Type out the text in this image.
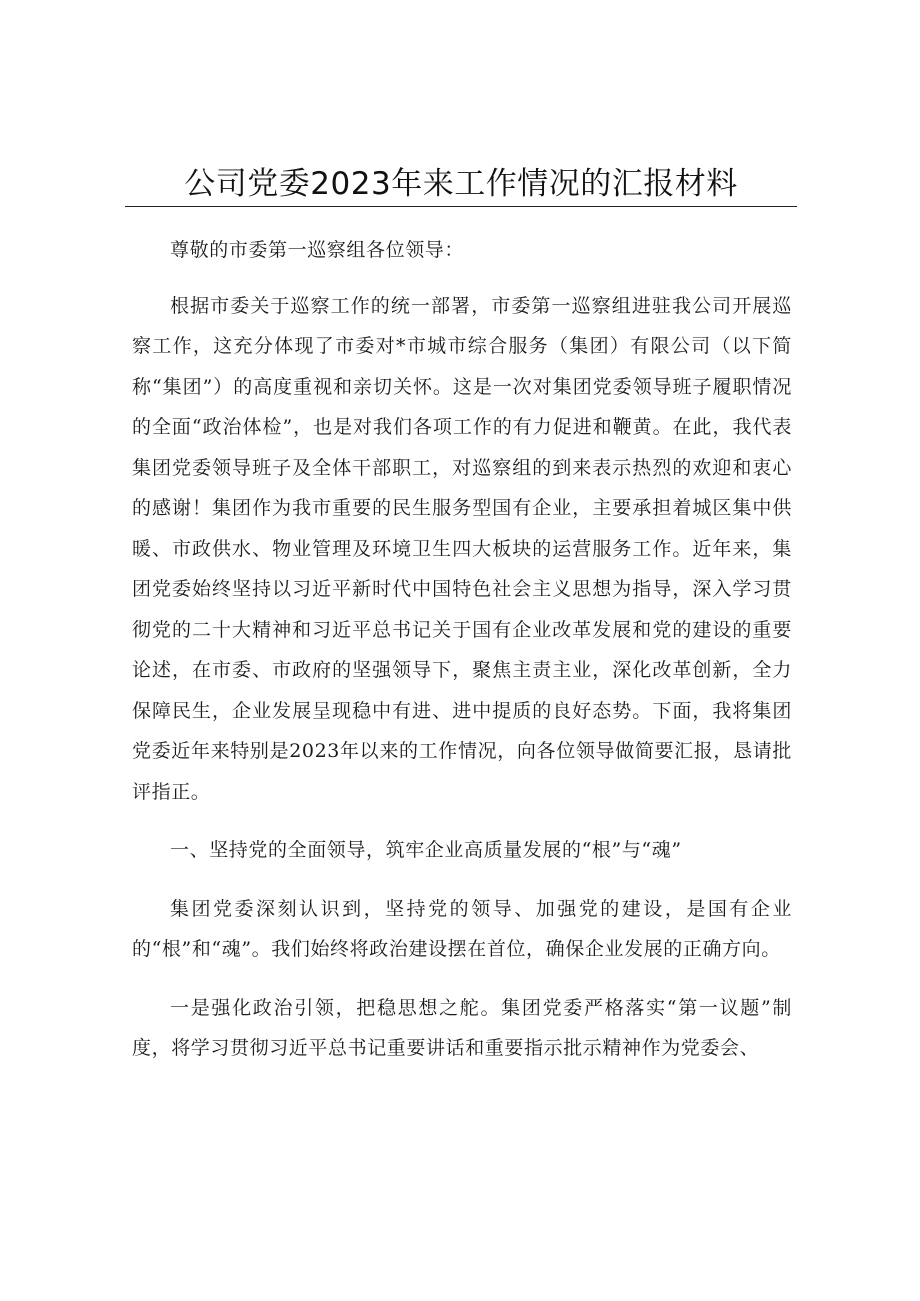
公司党委2023年来工作情况的汇报材料

尊敬的市委第一巡察组各位领导：

根据市委关于巡察工作的统一部署，市委第一巡察组进驻我公司开展巡察工作，这充分体现了市委对*市城市综合服务（集团）有限公司（以下简称“集团”）的高度重视和亲切关怀。这是一次对集团党委领导班子履职情况的全面“政治体检”，也是对我们各项工作的有力促进和鞭黄。在此，我代表集团党委领导班子及全体干部职工，对巡察组的到来表示热烈的欢迎和衷心的感谢！集团作为我市重要的民生服务型国有企业，主要承担着城区集中供暖、市政供水、物业管理及环境卫生四大板块的运营服务工作。近年来，集团党委始终坚持以习近平新时代中国特色社会主义思想为指导，深入学习贯彻党的二十大精神和习近平总书记关于国有企业改革发展和党的建设的重要论述，在市委、市政府的坚强领导下，聚焦主责主业，深化改革创新，全力保障民生，企业发展呈现稳中有进、进中提质的良好态势。下面，我将集团党委近年来特别是2023年以来的工作情况，向各位领导做简要汇报，恳请批评指正。

一、坚持党的全面领导，筑牢企业高质量发展的“根”与“魂”

集团党委深刻认识到，坚持党的领导、加强党的建设，是国有企业的“根”和“魂”。我们始终将政治建设摆在首位，确保企业发展的正确方向。

一是强化政治引领，把稳思想之舵。集团党委严格落实“第一议题”制度，将学习贯彻习近平总书记重要讲话和重要指示批示精神作为党委会、
